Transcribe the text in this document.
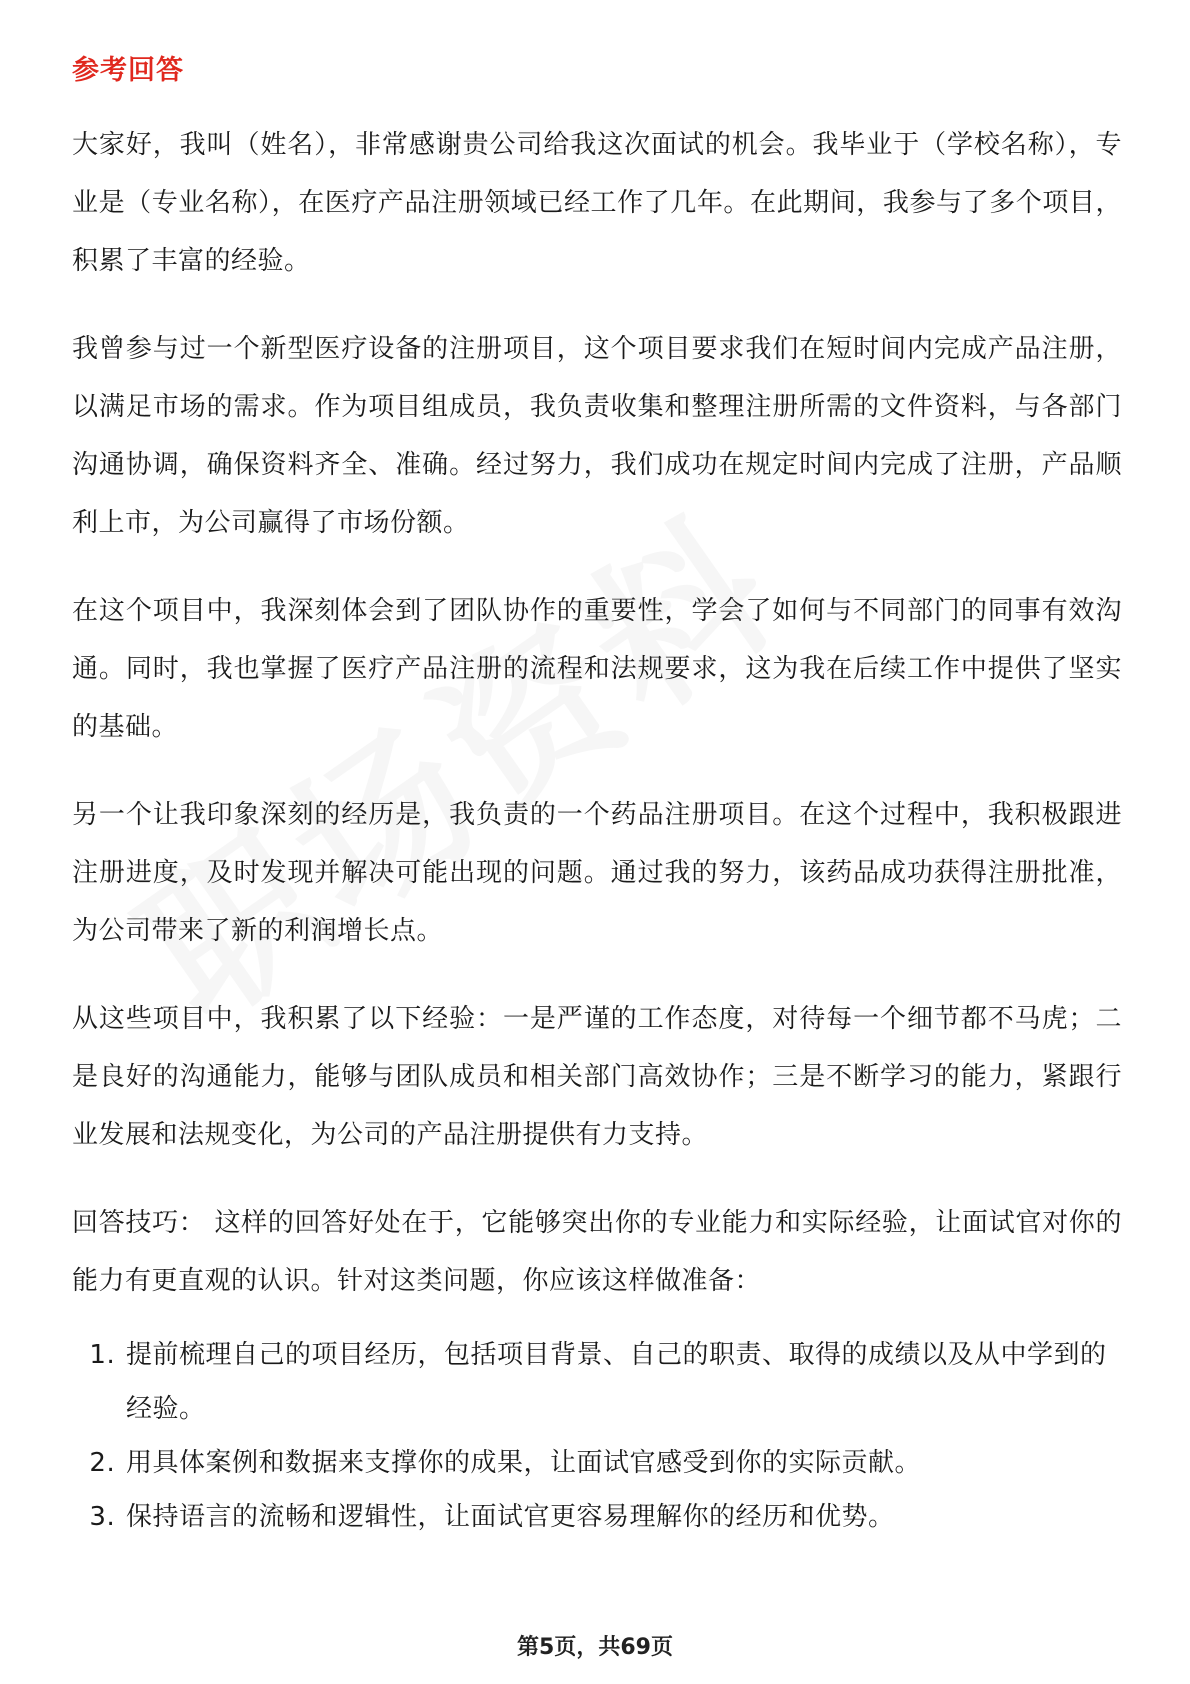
参考回答

大家好，我叫（姓名），非常感谢贵公司给我这次面试的机会。我毕业于（学校名称），专业是（专业名称），在医疗产品注册领域已经工作了几年。在此期间，我参与了多个项目，积累了丰富的经验。

我曾参与过一个新型医疗设备的注册项目，这个项目要求我们在短时间内完成产品注册，以满足市场的需求。作为项目组成员，我负责收集和整理注册所需的文件资料，与各部门沟通协调，确保资料齐全、准确。经过努力，我们成功在规定时间内完成了注册，产品顺利上市，为公司赢得了市场份额。

在这个项目中，我深刻体会到了团队协作的重要性，学会了如何与不同部门的同事有效沟通。同时，我也掌握了医疗产品注册的流程和法规要求，这为我在后续工作中提供了坚实的基础。

另一个让我印象深刻的经历是，我负责的一个药品注册项目。在这个过程中，我积极跟进注册进度，及时发现并解决可能出现的问题。通过我的努力，该药品成功获得注册批准，为公司带来了新的利润增长点。

从这些项目中，我积累了以下经验：一是严谨的工作态度，对待每一个细节都不马虎；二是良好的沟通能力，能够与团队成员和相关部门高效协作；三是不断学习的能力，紧跟行业发展和法规变化，为公司的产品注册提供有力支持。

回答技巧： 这样的回答好处在于，它能够突出你的专业能力和实际经验，让面试官对你的能力有更直观的认识。针对这类问题，你应该这样做准备：

1. 提前梳理自己的项目经历，包括项目背景、自己的职责、取得的成绩以及从中学到的经验。
2. 用具体案例和数据来支撑你的成果，让面试官感受到你的实际贡献。
3. 保持语言的流畅和逻辑性，让面试官更容易理解你的经历和优势。
第5页，共69页
